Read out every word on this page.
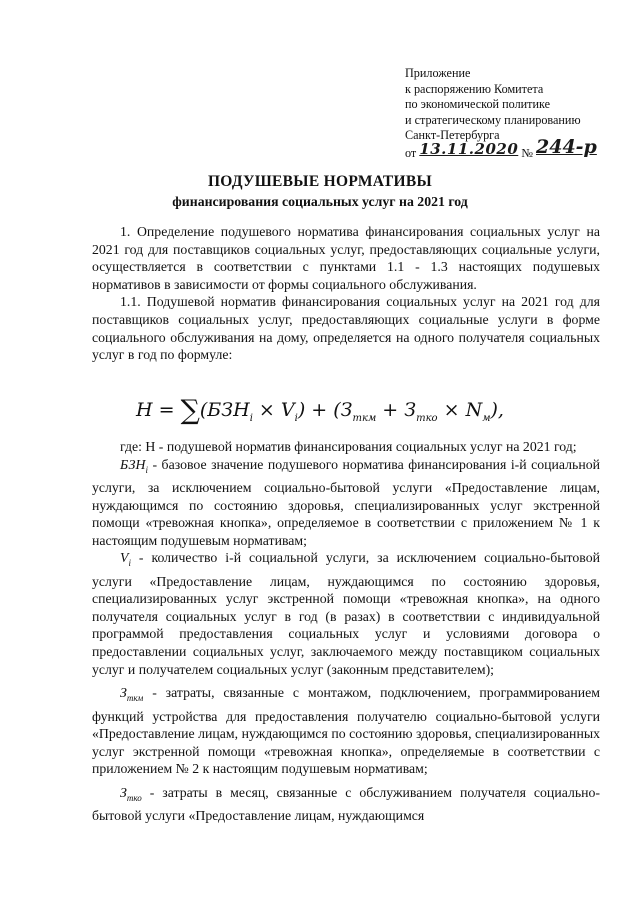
Приложение
к распоряжению Комитета
по экономической политике
и стратегическому планированию
Санкт-Петербурга
от 13.11.2020 № 244-р
ПОДУШЕВЫЕ НОРМАТИВЫ
финансирования социальных услуг на 2021 год

1. Определение подушевого норматива финансирования социальных услуг на 2021 год для поставщиков социальных услуг, предоставляющих социальные услуги, осуществляется в соответствии с пунктами 1.1 - 1.3 настоящих подушевых нормативов в зависимости от формы социального обслуживания.

1.1. Подушевой норматив финансирования социальных услуг на 2021 год для поставщиков социальных услуг, предоставляющих социальные услуги в форме социального обслуживания на дому, определяется на одного получателя социальных услуг в год по формуле:

$H = \sum(БЗН_i \times V_i) + (З_{ткм} + З_{тко} \times N_м)$,

где: H - подушевой норматив финансирования социальных услуг на 2021 год;

$БЗН_i$ - базовое значение подушевого норматива финансирования i-й социальной услуги, за исключением социально-бытовой услуги «Предоставление лицам, нуждающимся по состоянию здоровья, специализированных услуг экстренной помощи «тревожная кнопка», определяемое в соответствии с приложением № 1 к настоящим подушевым нормативам;

$V_i$ - количество i-й социальной услуги, за исключением социально-бытовой услуги «Предоставление лицам, нуждающимся по состоянию здоровья, специализированных услуг экстренной помощи «тревожная кнопка», на одного получателя социальных услуг в год (в разах) в соответствии с индивидуальной программой предоставления социальных услуг и условиями договора о предоставлении социальных услуг, заключаемого между поставщиком социальных услуг и получателем социальных услуг (законным представителем);

$З_{ткм}$ - затраты, связанные с монтажом, подключением, программированием функций устройства для предоставления получателю социально-бытовой услуги «Предоставление лицам, нуждающимся по состоянию здоровья, специализированных услуг экстренной помощи «тревожная кнопка», определяемые в соответствии с приложением № 2 к настоящим подушевым нормативам;

$З_{тко}$ - затраты в месяц, связанные с обслуживанием получателя социально-бытовой услуги «Предоставление лицам, нуждающимся
